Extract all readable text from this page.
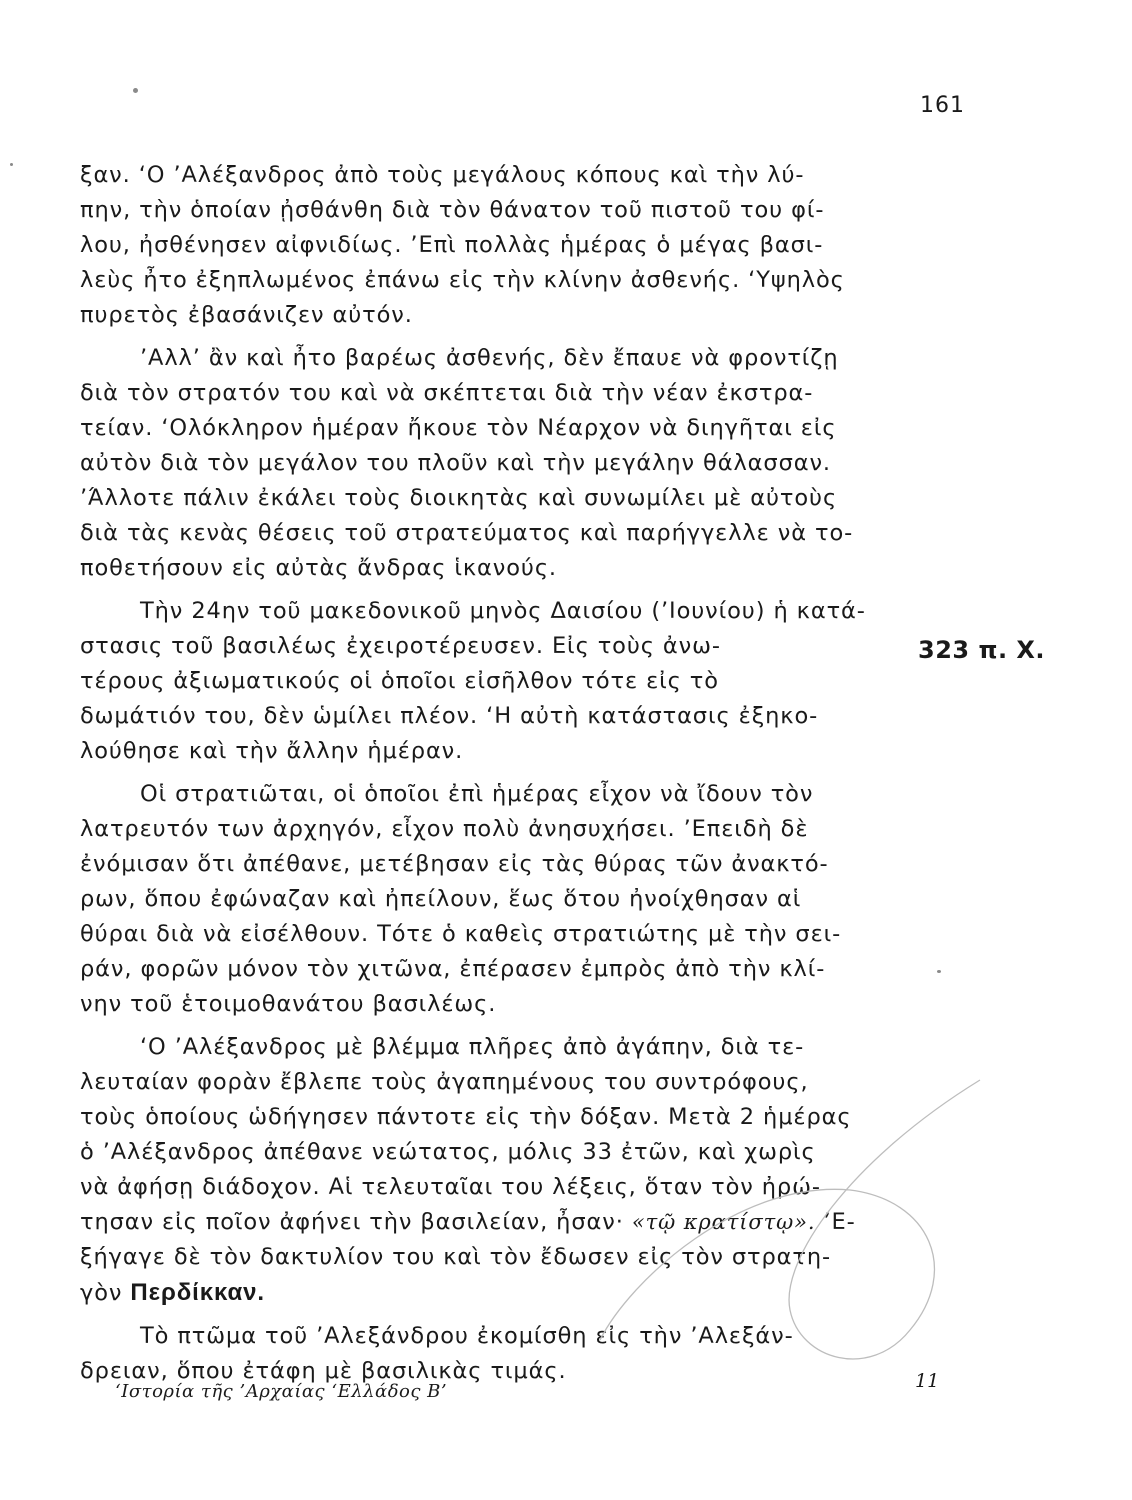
161
ξαν. ‘Ο ’Αλέξανδρος ἀπὸ τοὺς μεγάλους κόπους καὶ τὴν λύ-
πην, τὴν ὁποίαν ᾐσθάνθη διὰ τὸν θάνατον τοῦ πιστοῦ του φί-
λου, ἠσθένησεν αἰφνιδίως. ’Επὶ πολλὰς ἡμέρας ὁ μέγας βασι-
λεὺς ἦτο ἐξηπλωμένος ἐπάνω εἰς τὴν κλίνην ἀσθενής. ‘Υψηλὸς
πυρετὸς ἐβασάνιζεν αὐτόν.
’Αλλ’ ἂν καὶ ἦτο βαρέως ἀσθενής, δὲν ἔπαυε νὰ φροντίζῃ
διὰ τὸν στρατόν του καὶ νὰ σκέπτεται διὰ τὴν νέαν ἐκστρα-
τείαν. ‘Ολόκληρον ἡμέραν ἤκουε τὸν Νέαρχον νὰ διηγῆται εἰς
αὐτὸν διὰ τὸν μεγάλον του πλοῦν καὶ τὴν μεγάλην θάλασσαν.
’Άλλοτε πάλιν ἐκάλει τοὺς διοικητὰς καὶ συνωμίλει μὲ αὐτοὺς
διὰ τὰς κενὰς θέσεις τοῦ στρατεύματος καὶ παρήγγελλε νὰ το-
ποθετήσουν εἰς αὐτὰς ἄνδρας ἱκανούς.
Τὴν 24ην τοῦ μακεδονικοῦ μηνὸς Δαισίου (’Ιουνίου) ἡ κατά-
στασις τοῦ βασιλέως ἐχειροτέρευσεν. Εἰς τοὺς ἀνω-
τέρους ἀξιωματικούς οἱ ὁποῖοι εἰσῆλθον τότε εἰς τὸ
δωμάτιόν του, δὲν ὡμίλει πλέον. ‘Η αὐτὴ κατάστασις ἐξηκο-
λούθησε καὶ τὴν ἄλλην ἡμέραν.
Οἱ στρατιῶται, οἱ ὁποῖοι ἐπὶ ἡμέρας εἶχον νὰ ἴδουν τὸν
λατρευτόν των ἀρχηγόν, εἶχον πολὺ ἀνησυχήσει. ’Επειδὴ δὲ
ἐνόμισαν ὅτι ἀπέθανε, μετέβησαν εἰς τὰς θύρας τῶν ἀνακτό-
ρων, ὅπου ἐφώναζαν καὶ ἠπείλουν, ἕως ὅτου ἠνοίχθησαν αἱ
θύραι διὰ νὰ εἰσέλθουν. Τότε ὁ καθεὶς στρατιώτης μὲ τὴν σει-
ράν, φορῶν μόνον τὸν χιτῶνα, ἐπέρασεν ἐμπρὸς ἀπὸ τὴν κλί-
νην τοῦ ἑτοιμοθανάτου βασιλέως.
‘Ο ’Αλέξανδρος μὲ βλέμμα πλῆρες ἀπὸ ἀγάπην, διὰ τε-
λευταίαν φορὰν ἔβλεπε τοὺς ἀγαπημένους του συντρόφους,
τοὺς ὁποίους ὡδήγησεν πάντοτε εἰς τὴν δόξαν. Μετὰ 2 ἡμέρας
ὁ ’Αλέξανδρος ἀπέθανε νεώτατος, μόλις 33 ἐτῶν, καὶ χωρὶς
νὰ ἀφήσῃ διάδοχον. Αἱ τελευταῖαι του λέξεις, ὅταν τὸν ἠρώ-
τησαν εἰς ποῖον ἀφήνει τὴν βασιλείαν, ἦσαν· «τῷ κρατίστῳ». ’Ε-
ξήγαγε δὲ τὸν δακτυλίον του καὶ τὸν ἔδωσεν εἰς τὸν στρατη-
γὸν Περδίκκαν.
Τὸ πτῶμα τοῦ ’Αλεξάνδρου ἐκομίσθη εἰς τὴν ’Αλεξάν-
δρειαν, ὅπου ἐτάφη μὲ βασιλικὰς τιμάς.
323 π. Χ.
‘Ιστορία τῆς ’Αρχαίας ‘Ελλάδος Β’	11
